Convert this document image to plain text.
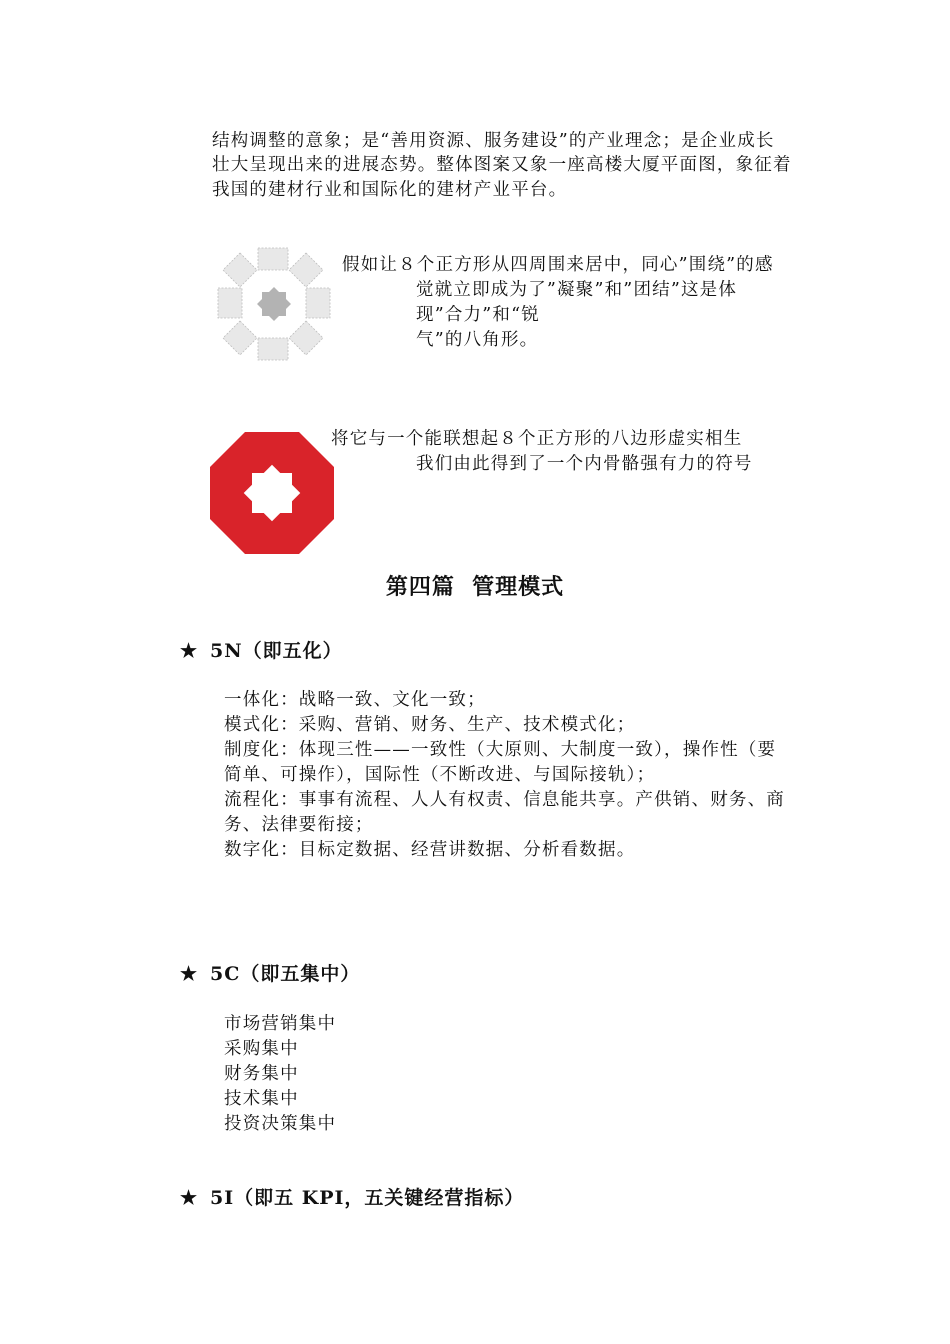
结构调整的意象；是“善用资源、服务建设”的产业理念；是企业成长
壮大呈现出来的进展态势。整体图案又象一座高楼大厦平面图，象征着
我国的建材行业和国际化的建材产业平台。
假如让８个正方形从四周围来居中，同心”围绕”的感
觉就立即成为了”凝聚”和”团结”这是体
现”合力”和“锐
气”的八角形。
将它与一个能联想起８个正方形的八边形虚实相生
我们由此得到了一个内骨骼强有力的符号
第四篇  管理模式
★ 5N（即五化）
一体化：战略一致、文化一致；
模式化：采购、营销、财务、生产、技术模式化；
制度化：体现三性——一致性（大原则、大制度一致），操作性（要
简单、可操作），国际性（不断改进、与国际接轨）；
流程化：事事有流程、人人有权责、信息能共享。产供销、财务、商
务、法律要衔接；
数字化：目标定数据、经营讲数据、分析看数据。
★ 5C（即五集中）
市场营销集中
采购集中
财务集中
技术集中
投资决策集中
★ 5I（即五 KPI，五关键经营指标）
